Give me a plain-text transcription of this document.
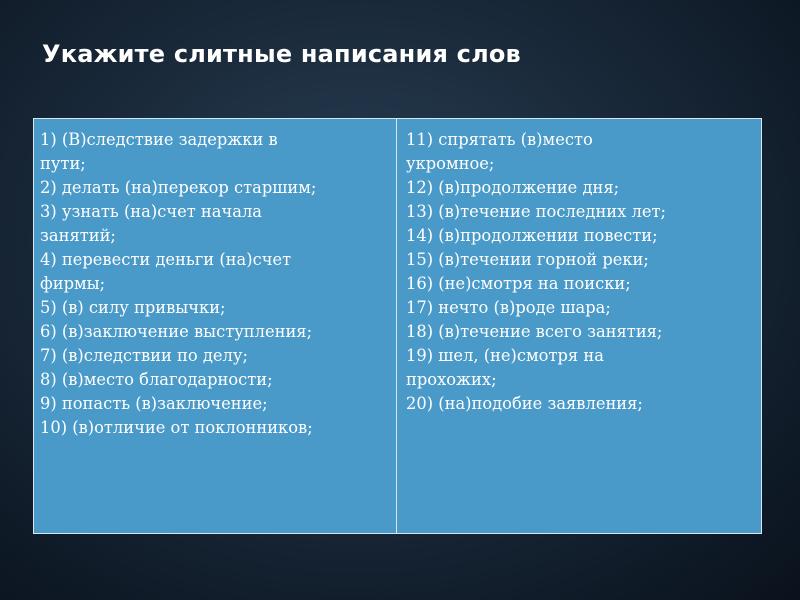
Укажите слитные написания слов

1) (В)следствие задержки в
пути;

2) делать (на)перекор старшим;

3) узнать (на)счет начала
занятий;

4) перевести деньги (на)счет
фирмы;

5) (в) силу привычки;

6) (в)заключение выступления;

7) (в)следствии по делу;

8) (в)место благодарности;

9) попасть (в)заключение;

10) (в)отличие от поклонников;

11) спрятать (в)место
укромное;

12) (в)продолжение дня;

13) (в)течение последних лет;

14) (в)продолжении повести;

15) (в)течении горной реки;

16) (не)смотря на поиски;

17) нечто (в)роде шара;

18) (в)течение всего занятия;

19) шел, (не)смотря на
прохожих;

20) (на)подобие заявления;
